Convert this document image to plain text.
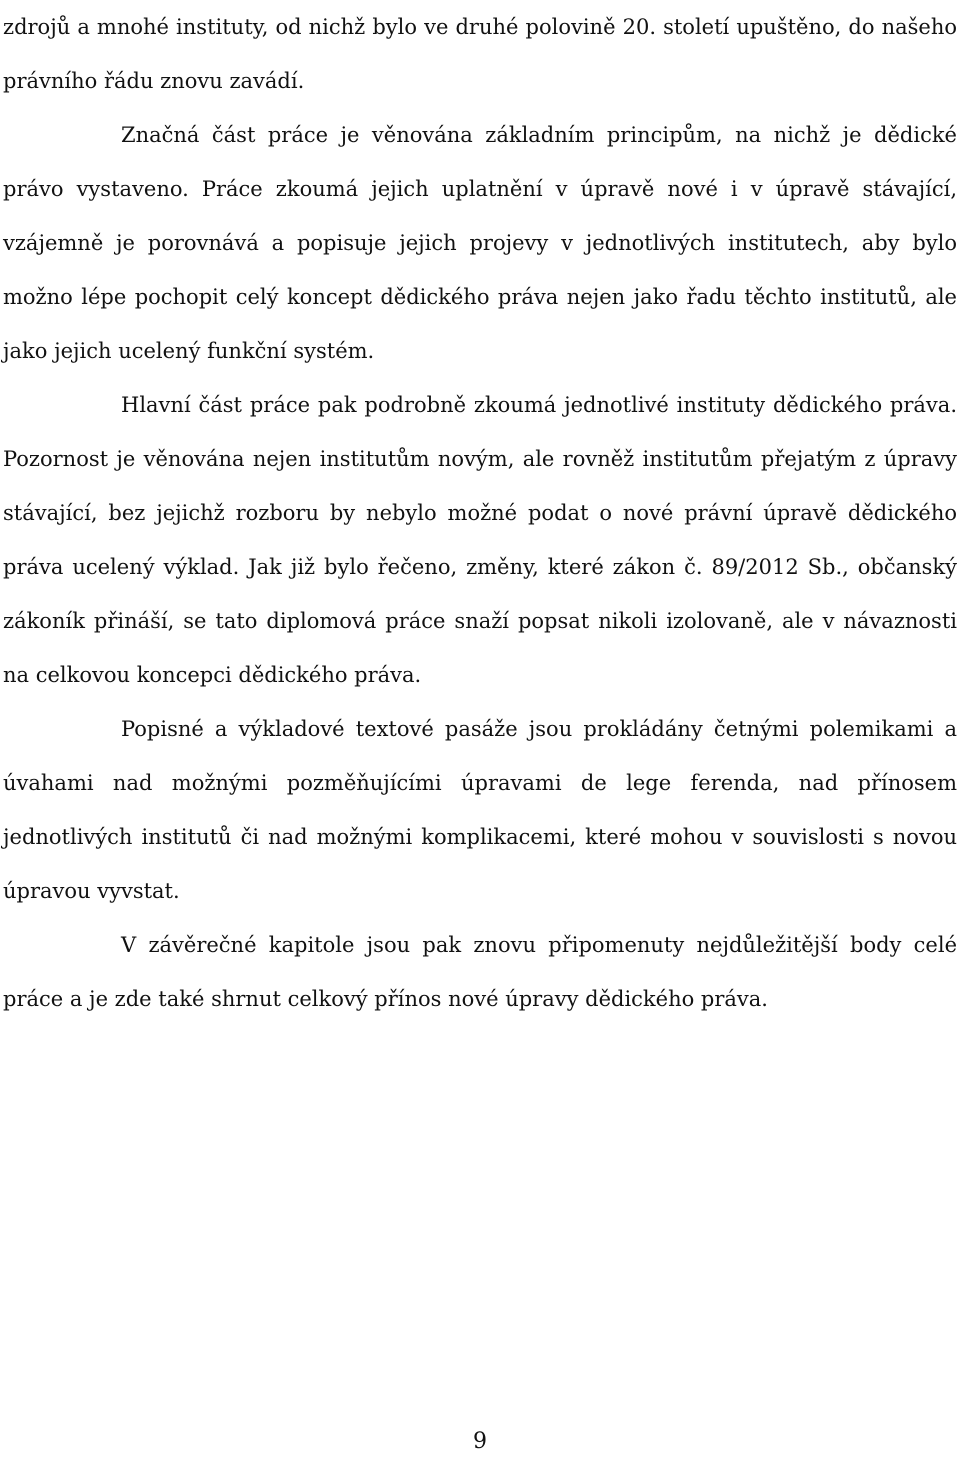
zdrojů a mnohé instituty, od nichž bylo ve druhé polovině 20. století upuštěno, do našeho právního řádu znovu zavádí.

Značná část práce je věnována základním principům, na nichž je dědické právo vystaveno. Práce zkoumá jejich uplatnění v úpravě nové i v úpravě stávající, vzájemně je porovnává a popisuje jejich projevy v jednotlivých institutech, aby bylo možno lépe pochopit celý koncept dědického práva nejen jako řadu těchto institutů, ale jako jejich ucelený funkční systém.

Hlavní část práce pak podrobně zkoumá jednotlivé instituty dědického práva. Pozornost je věnována nejen institutům novým, ale rovněž institutům přejatým z úpravy stávající, bez jejichž rozboru by nebylo možné podat o nové právní úpravě dědického práva ucelený výklad. Jak již bylo řečeno, změny, které zákon č. 89/2012 Sb., občanský zákoník přináší, se tato diplomová práce snaží popsat nikoli izolovaně, ale v návaznosti na celkovou koncepci dědického práva.

Popisné a výkladové textové pasáže jsou prokládány četnými polemikami a úvahami nad možnými pozměňujícími úpravami de lege ferenda, nad přínosem jednotlivých institutů či nad možnými komplikacemi, které mohou v souvislosti s novou úpravou vyvstat.

V závěrečné kapitole jsou pak znovu připomenuty nejdůležitější body celé práce a je zde také shrnut celkový přínos nové úpravy dědického práva.

9
